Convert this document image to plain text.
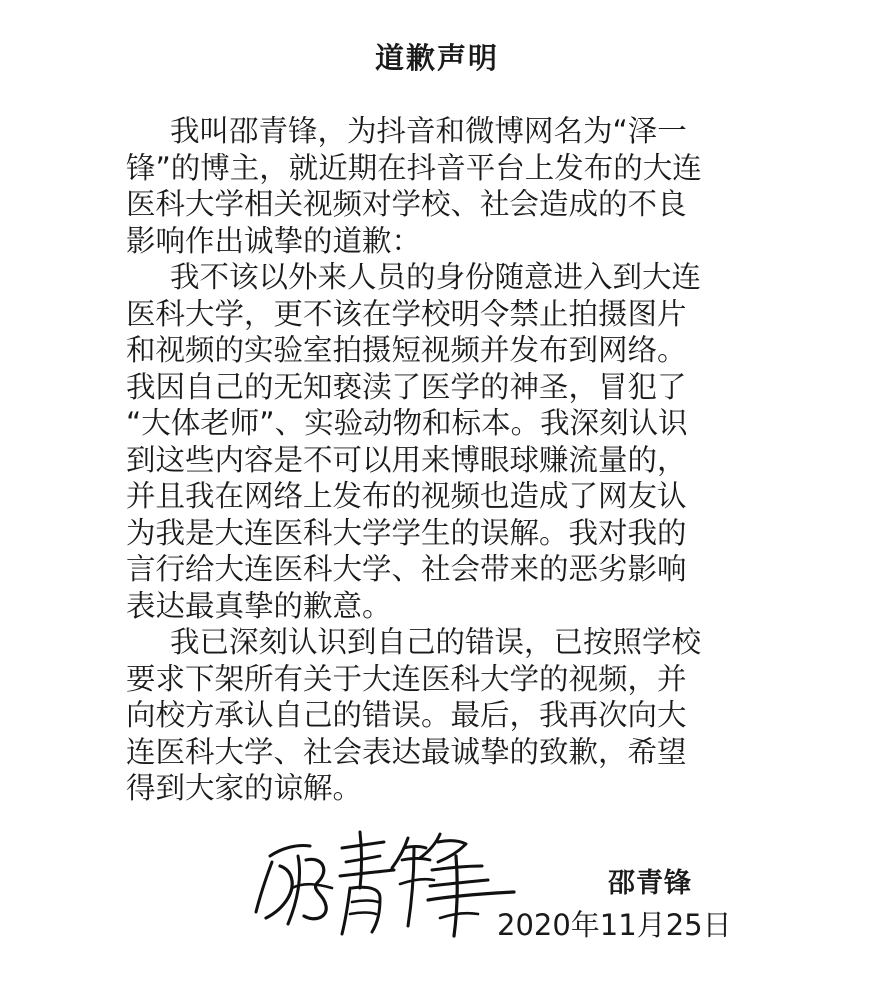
道歉声明
我叫邵青锋，为抖音和微博网名为“泽一
锋”的博主，就近期在抖音平台上发布的大连
医科大学相关视频对学校、社会造成的不良
影响作出诚挚的道歉：
我不该以外来人员的身份随意进入到大连
医科大学，更不该在学校明令禁止拍摄图片
和视频的实验室拍摄短视频并发布到网络。
我因自己的无知亵渎了医学的神圣，冒犯了
“大体老师”、实验动物和标本。我深刻认识
到这些内容是不可以用来博眼球赚流量的，
并且我在网络上发布的视频也造成了网友认
为我是大连医科大学学生的误解。我对我的
言行给大连医科大学、社会带来的恶劣影响
表达最真挚的歉意。
我已深刻认识到自己的错误，已按照学校
要求下架所有关于大连医科大学的视频，并
向校方承认自己的错误。最后，我再次向大
连医科大学、社会表达最诚挚的致歉，希望
得到大家的谅解。
邵青锋
2020年11月25日
